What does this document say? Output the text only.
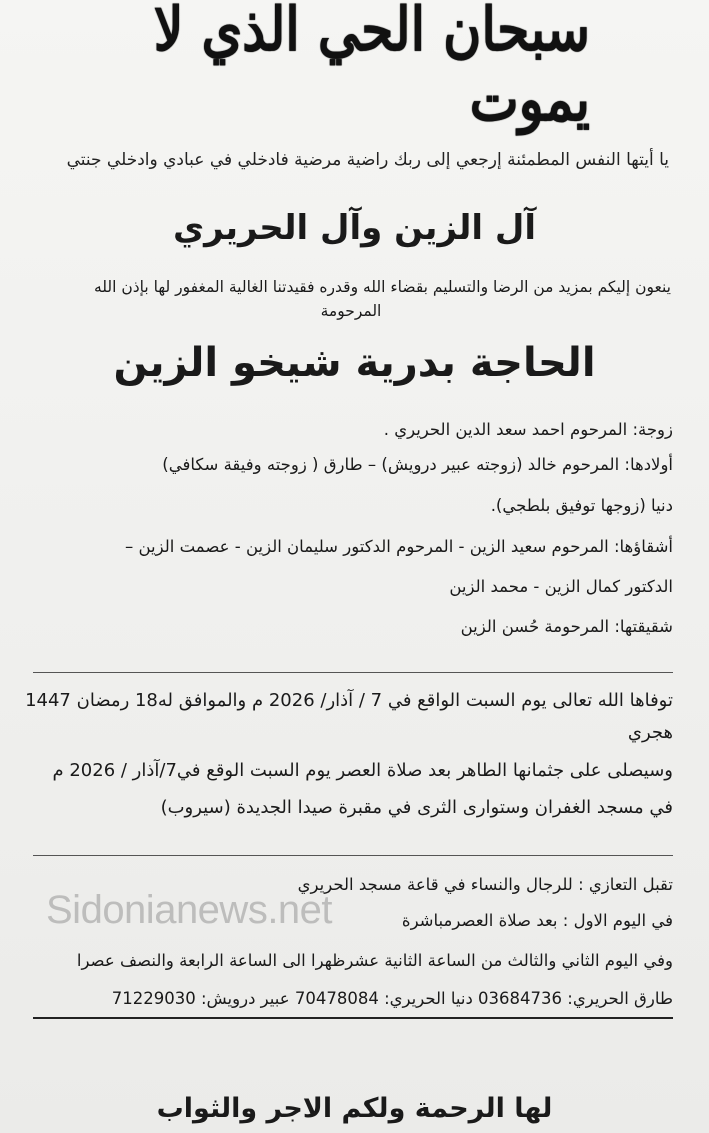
سبحان الحي الذي لا يموت
يا أيتها النفس المطمئنة إرجعي إلى ربك راضية مرضية فادخلي في عبادي وادخلي جنتي
آل الزين وآل الحريري
ينعون إليكم بمزيد من الرضا والتسليم بقضاء الله وقدره فقيدتنا الغالية المغفور لها بإذن الله
المرحومة
الحاجة بدرية شيخو الزين
زوجة: المرحوم احمد سعد الدين الحريري .
أولادها: المرحوم خالد (زوجته عبير درويش) – طارق ( زوجته وفيقة سكافي)
دنيا (زوجها توفيق بلطجي).
أشقاؤها: المرحوم سعيد الزين - المرحوم الدكتور سليمان الزين - عصمت الزين –
الدكتور كمال الزين - محمد الزين
شقيقتها: المرحومة حُسن الزين
توفاها الله تعالى يوم السبت الواقع في 7 / آذار/ 2026 م والموافق له18 رمضان 1447
هجري
وسيصلى على جثمانها الطاهر بعد صلاة العصر يوم السبت الوقع في7/آذار / 2026 م
في مسجد الغفران وستوارى الثرى في مقبرة صيدا الجديدة (سيروب)
تقبل التعازي : للرجال والنساء في قاعة مسجد الحريري
في اليوم الاول : بعد صلاة العصرمباشرة
وفي اليوم الثاني والثالث من الساعة الثانية عشرظهرا الى الساعة الرابعة والنصف عصرا
طارق الحريري: 03684736 دنيا الحريري: 70478084 عبير درويش: 71229030
Sidonianews.net
لها الرحمة ولكم الاجر والثواب
